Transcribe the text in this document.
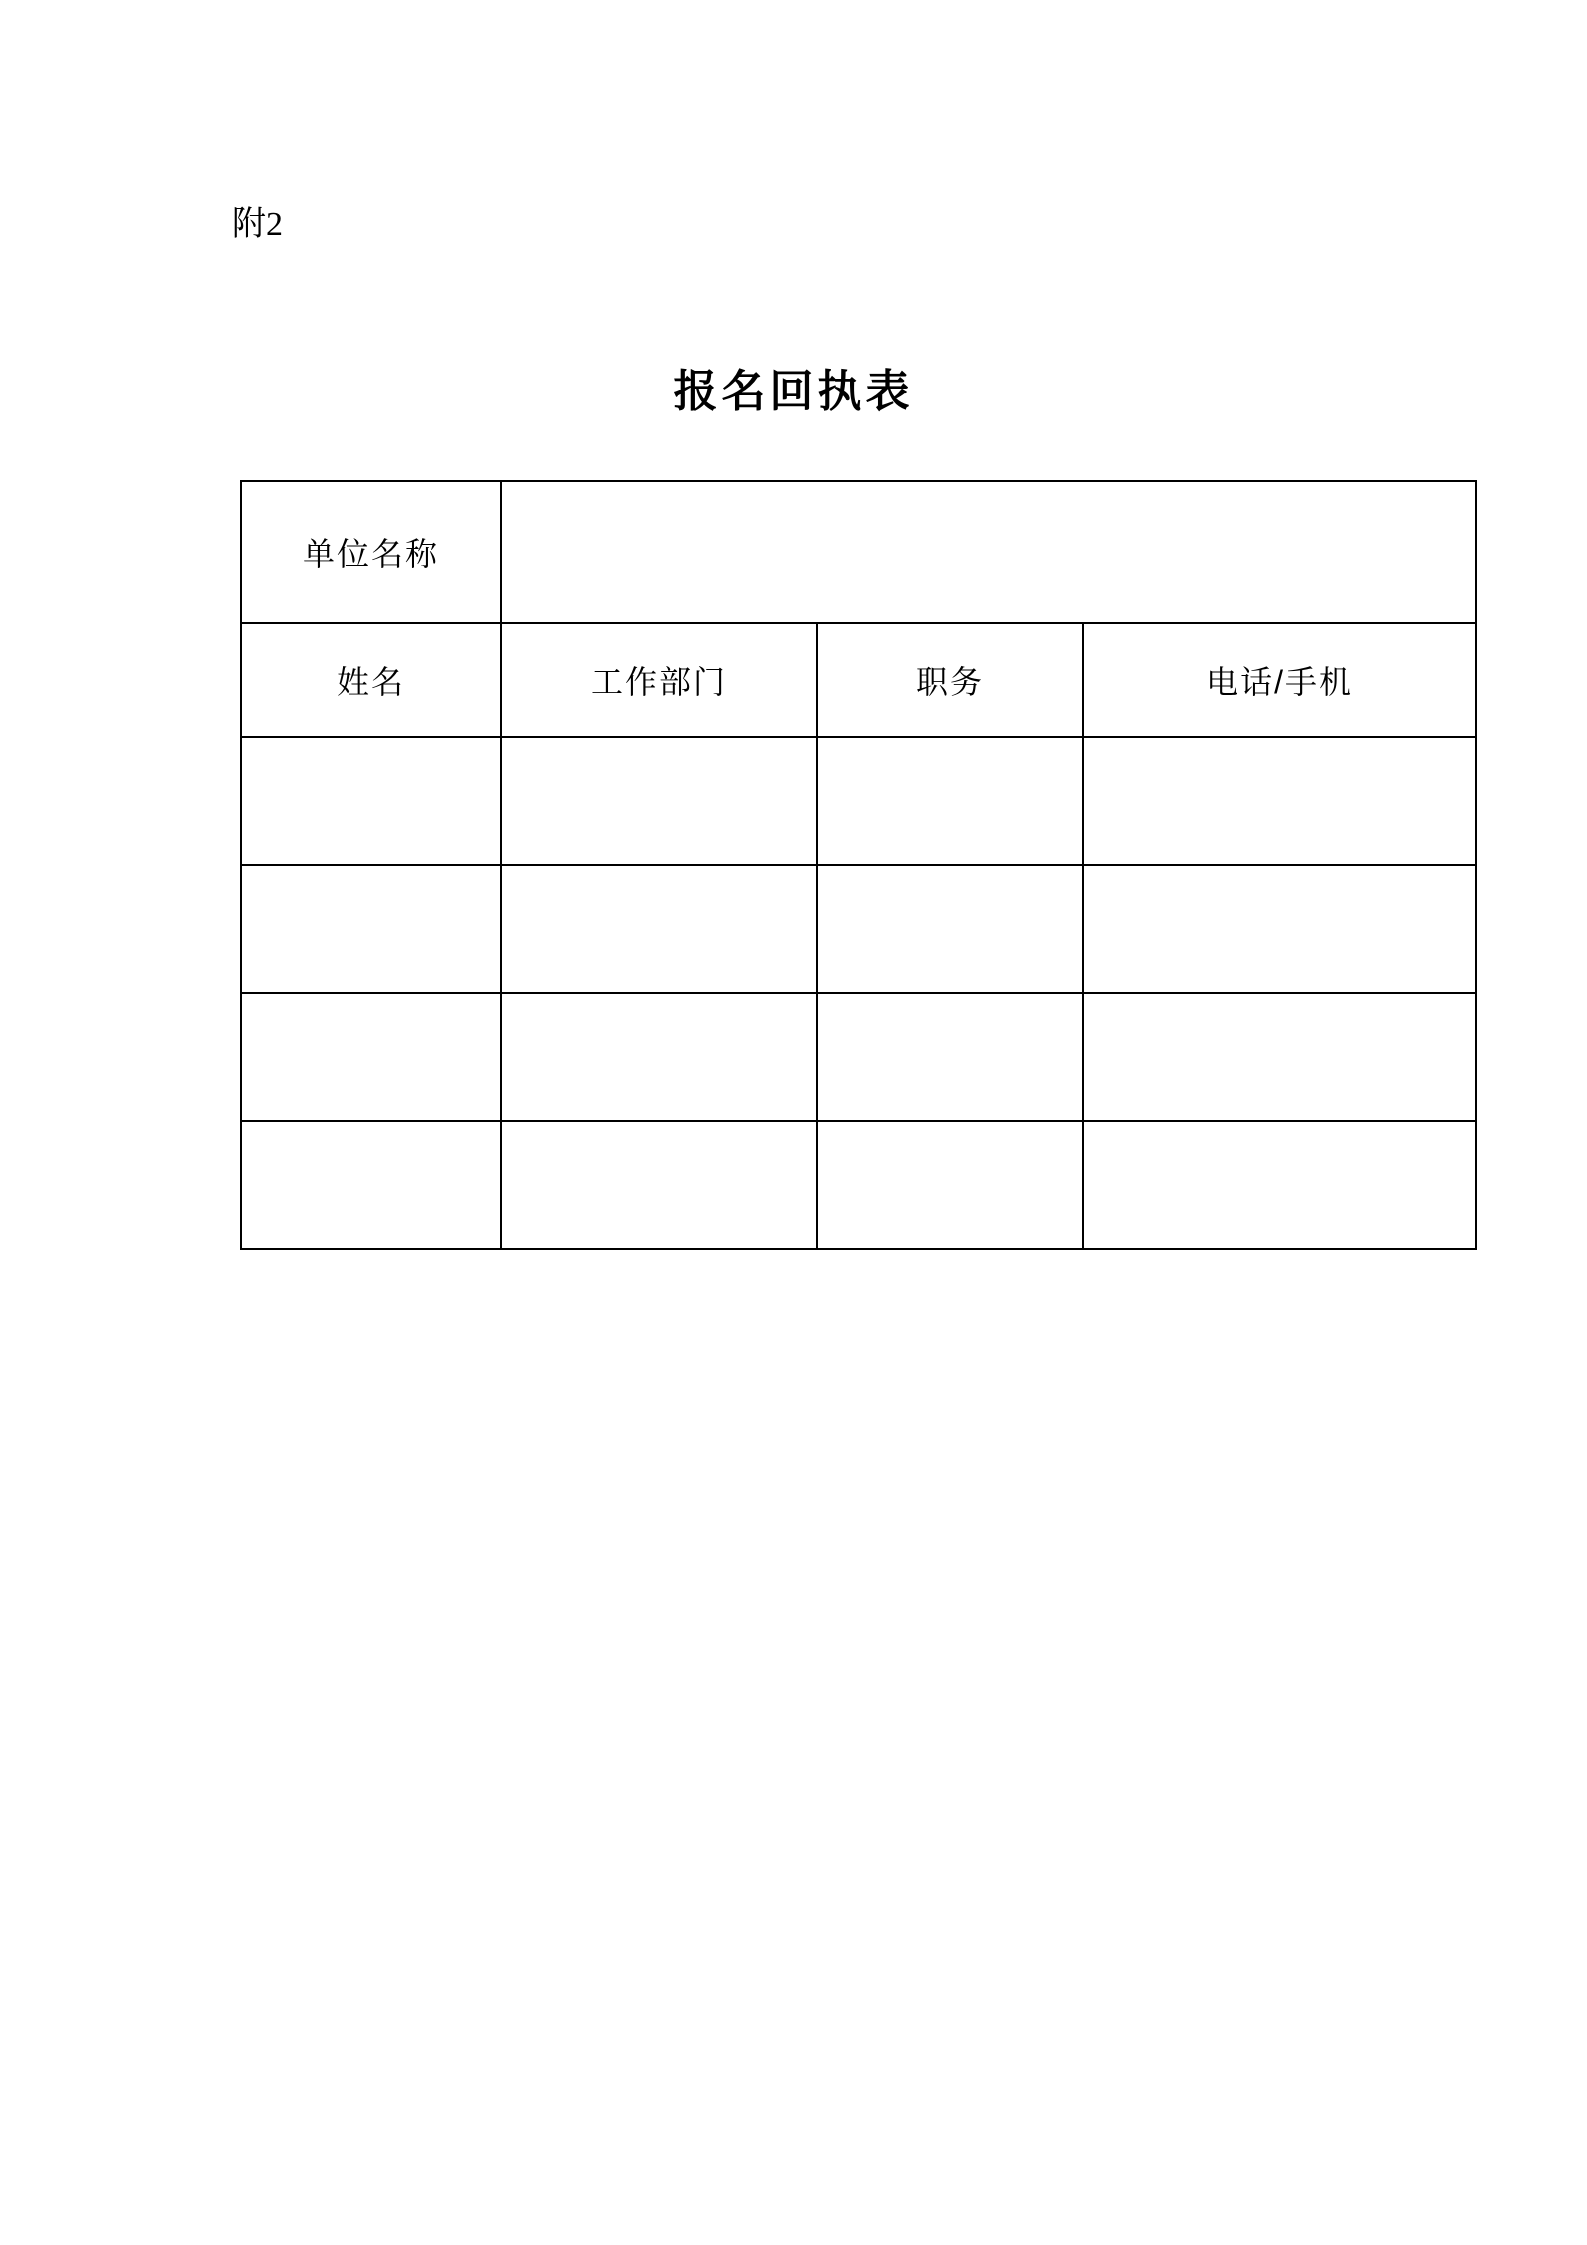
附2
报名回执表
单位名称			
姓名	工作部门	职务	电话/手机
